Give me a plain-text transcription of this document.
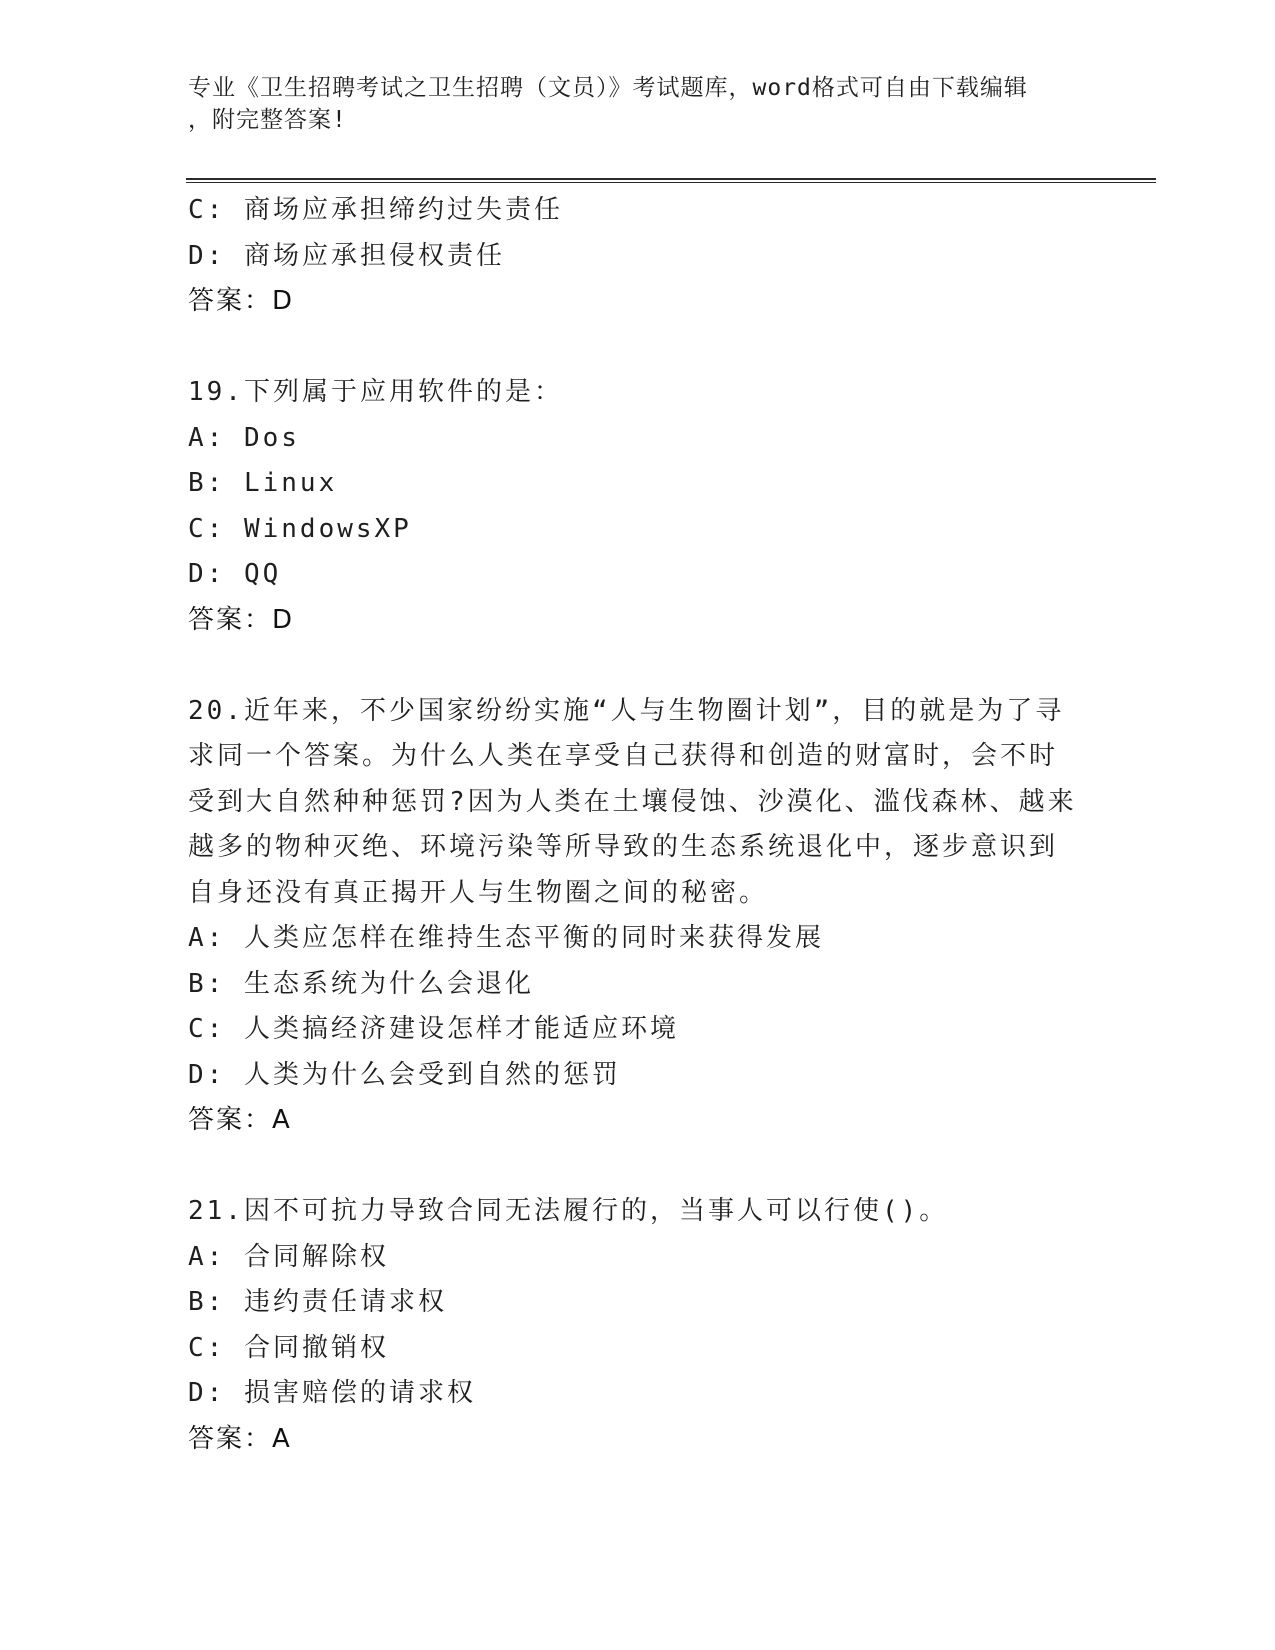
专业《卫生招聘考试之卫生招聘（文员）》考试题库，word格式可自由下载编辑
，附完整答案!
C: 商场应承担缔约过失责任
D: 商场应承担侵权责任
答案：D
19.下列属于应用软件的是：
A: Dos
B: Linux
C: WindowsXP
D: QQ
答案：D
20.近年来，不少国家纷纷实施“人与生物圈计划”，目的就是为了寻
求同一个答案。为什么人类在享受自己获得和创造的财富时，会不时
受到大自然种种惩罚?因为人类在土壤侵蚀、沙漠化、滥伐森林、越来
越多的物种灭绝、环境污染等所导致的生态系统退化中，逐步意识到
自身还没有真正揭开人与生物圈之间的秘密。
A: 人类应怎样在维持生态平衡的同时来获得发展
B: 生态系统为什么会退化
C: 人类搞经济建设怎样才能适应环境
D: 人类为什么会受到自然的惩罚
答案：A
21.因不可抗力导致合同无法履行的，当事人可以行使()。
A: 合同解除权
B: 违约责任请求权
C: 合同撤销权
D: 损害赔偿的请求权
答案：A
